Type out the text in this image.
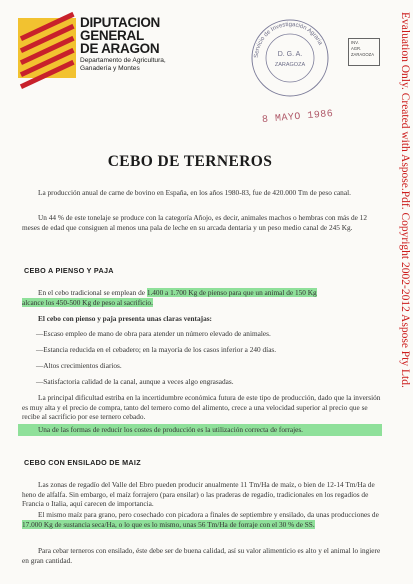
DIPUTACION
GENERAL
DE ARAGON
Departamento de Agricultura,
Ganadería y Montes
Servicio de Investigación Agraria
D. G. A.
ZARAGOZA
INV.
AGR.
ZARAGOZA
8 MAYO 1986	Evaluation Only. Created with Aspose.Pdf. Copyright 2002-2012 Aspose Pty Ltd.
CEBO DE TERNEROS
La producción anual de carne de bovino en España, en los años 1980-83, fue de 420.000 Tm de peso canal.
Un 44 % de este tonelaje se produce con la categoría Añojo, es decir, animales machos o hembras con más de 12 meses de edad que consiguen al menos una pala de leche en su arcada dentaria y un peso medio canal de 245 Kg.
CEBO A PIENSO Y PAJA
En el cebo tradicional se emplean de 1.400 a 1.700 Kg de pienso para que un animal de 150 Kg
alcance los 450-500 Kg de peso al sacrificio.
El cebo con pienso y paja presenta unas claras ventajas:
—Escaso empleo de mano de obra para atender un número elevado de animales.
—Estancia reducida en el cebadero; en la mayoría de los casos inferior a 240 días.
—Altos crecimientos diarios.
—Satisfactoria calidad de la canal, aunque a veces algo engrasadas.
La principal dificultad estriba en la incertidumbre económica futura de este tipo de producción, dado que la inversión es muy alta y el precio de compra, tanto del ternero como del alimento, crece a una velocidad superior al precio que se recibe al sacrificio por ese ternero cebado.
Una de las formas de reducir los costes de producción es la utilización correcta de forrajes.
CEBO CON ENSILADO DE MAIZ
Las zonas de regadío del Valle del Ebro pueden producir anualmente 11 Tm/Ha de maíz, o bien de 12-14 Tm/Ha de heno de alfalfa. Sin embargo, el maíz forrajero (para ensilar) o las praderas de regadío, tradicionales en los regadíos de Francia o Italia, aquí carecen de importancia.
El mismo maíz para grano, pero cosechado con picadora a finales de septiembre y ensilado, da unas producciones de 17.000 Kg de sustancia seca/Ha, o lo que es lo mismo, unas 56 Tm/Ha de forraje con el 30 % de SS.
Para cebar terneros con ensilado, éste debe ser de buena calidad, así su valor alimenticio es alto y el animal lo ingiere en gran cantidad.
